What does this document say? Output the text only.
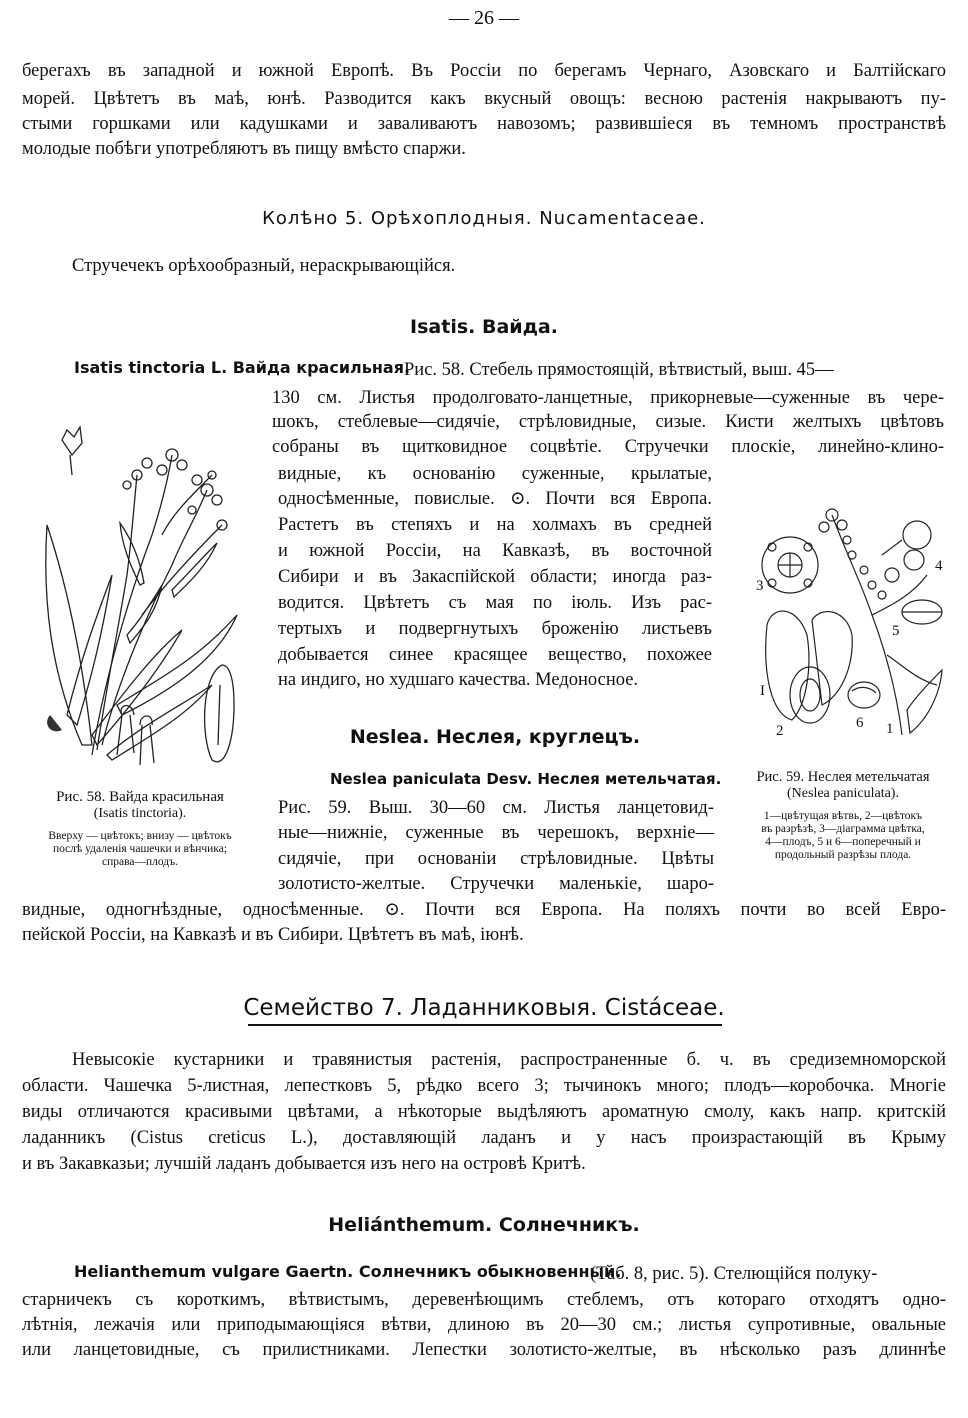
— 26 —
берегахъ въ западной и южной Европѣ. Въ Россіи по берегамъ Чернаго, Азовскаго и Балтійскаго
морей. Цвѣтетъ въ маѣ, юнѣ. Разводится какъ вкусный овощъ: весною растенія накрываютъ пу-
стыми горшками или кадушками и заваливаютъ навозомъ; развившіеся въ темномъ пространствѣ
молодые побѣги употребляютъ въ пищу вмѣсто спаржи.
Колѣно 5. Орѣхоплодныя. Nucamentaceae.
Стручечекъ орѣхообразный, нераскрывающійся.
Isatis. Вайда.
Isatis tinctoria L. Вайда красильная.
Рис. 58. Стебель прямостоящій, вѣтвистый, выш. 45—
130 см. Листья продолговато-ланцетные, прикорневые—суженные въ чере-
шокъ, стеблевые—сидячіе, стрѣловидные, сизые. Кисти желтыхъ цвѣтовъ
собраны въ щитковидное соцвѣтіе. Стручечки плоскіе, линейно-клино-
видные, къ основанію суженные, крылатые,
односѣменные, повислые. ⊙. Почти вся Европа.
Растетъ въ степяхъ и на холмахъ въ средней
и южной Россіи, на Кавказѣ, въ восточной
Сибири и въ Закаспійской области; иногда раз-
водится. Цвѣтетъ съ мая по іюль. Изъ рас-
тертыхъ и подвергнутыхъ броженію листьевъ
добывается синее красящее вещество, похожее
на индиго, но худшаго качества. Медоносное.
Рис. 58. Вайда красильная
(Isatis tinctoria).
Вверху — цвѣтокъ; внизу — цвѣтокъ
послѣ удаленія чашечки и вѣнчика;
справа—плодъ.
Neslea. Неслея, круглецъ.
Neslea paniculata Desv. Неслея метельчатая.
Рис. 59. Выш. 30—60 см. Листья ланцетовид-
ные—нижніе, суженные въ черешокъ, верхніе—
сидячіе, при основаніи стрѣловидные. Цвѣты
золотисто-желтые. Стручечки маленькіе, шаро-
видные, одногнѣздные, односѣменные. ⊙. Почти вся Европа. На поляхъ почти во всей Евро-
пейской Россіи, на Кавказѣ и въ Сибири. Цвѣтетъ въ маѣ, іюнѣ.
3
4
5
I
2	6 1
Рис. 59. Неслея метельчатая
(Neslea paniculata).
1—цвѣтущая вѣтвь, 2—цвѣтокъ
въ разрѣзѣ, 3—діаграмма цвѣтка,
4—плодъ, 5 и 6—поперечный и
продольный разрѣзы плода.
Семейство 7. Ладанниковыя. Cistáceae.
Невысокіе кустарники и травянистыя растенія, распространенные б. ч. въ средиземноморской
области. Чашечка 5-листная, лепестковъ 5, рѣдко всего 3; тычинокъ много; плодъ—коробочка. Многіе
виды отличаются красивыми цвѣтами, а нѣкоторые выдѣляютъ ароматную смолу, какъ напр. критскій
ладанникъ (Cistus creticus L.), доставляющій ладанъ и у насъ произрастающій въ Крыму
и въ Закавказьи; лучшій ладанъ добывается изъ него на островѣ Критѣ.
Heliánthemum. Солнечникъ.
Helianthemum vulgare Gaertn. Солнечникъ обыкновенный.
(Таб. 8, рис. 5). Стелющійся полуку-
старничекъ съ короткимъ, вѣтвистымъ, деревенѣющимъ стеблемъ, отъ котораго отходятъ одно-
лѣтнія, лежачія или приподымающіяся вѣтви, длиною въ 20—30 см.; листья супротивные, овальные
или ланцетовидные, съ прилистниками. Лепестки золотисто-желтые, въ нѣсколько разъ длиннѣе
